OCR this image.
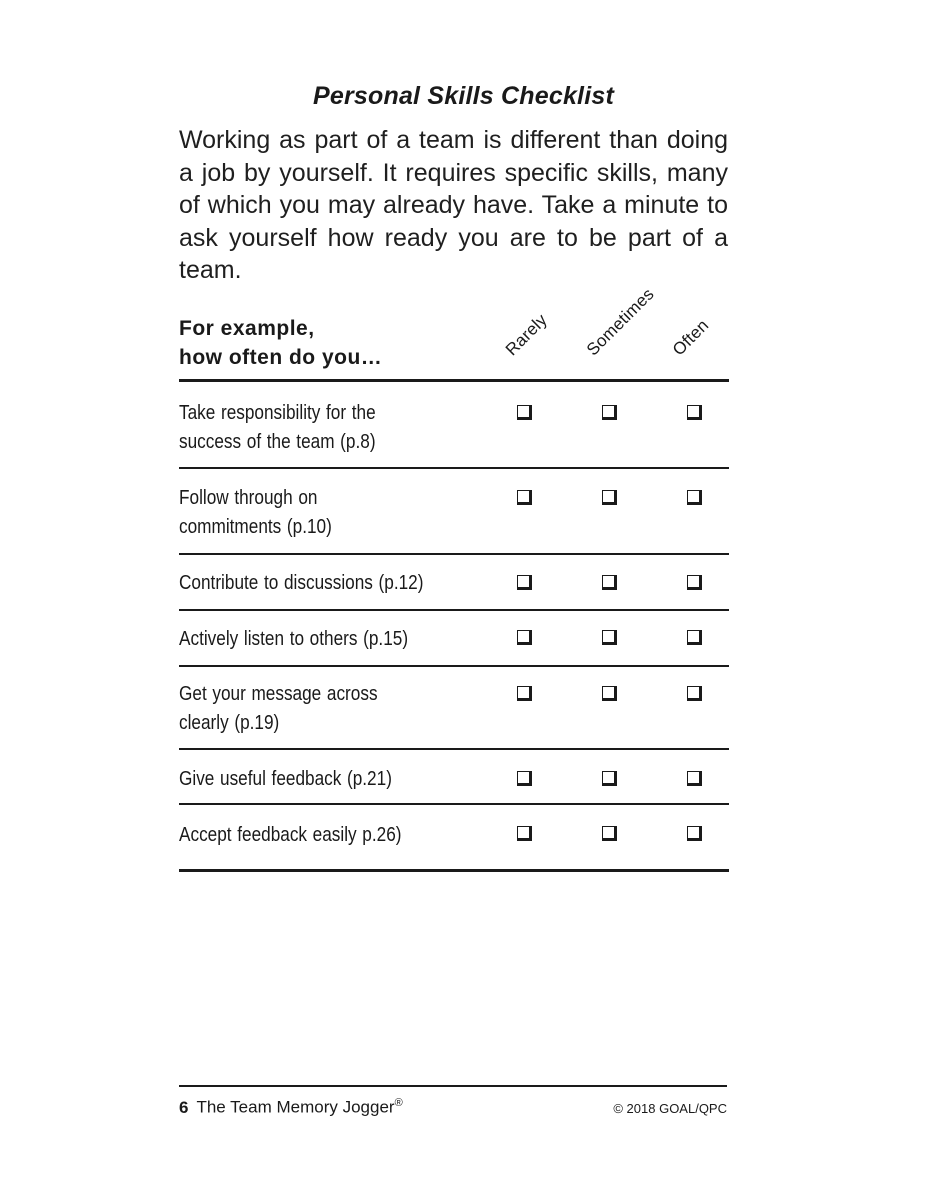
Personal Skills Checklist
Working as part of a team is different than doing a job by yourself. It requires specific skills, many of which you may already have. Take a minute to ask yourself how ready you are to be part of a team.
For example,
how often do you…	Rarely Sometimes Often
Take responsibility for the
success of the team (p.8)
Follow through on
commitments (p.10)
Contribute to discussions (p.12)
Actively listen to others (p.15)
Get your message across
clearly (p.19)
Give useful feedback (p.21)
Accept feedback easily p.26)
6 The Team Memory Jogger®	© 2018 GOAL/QPC
